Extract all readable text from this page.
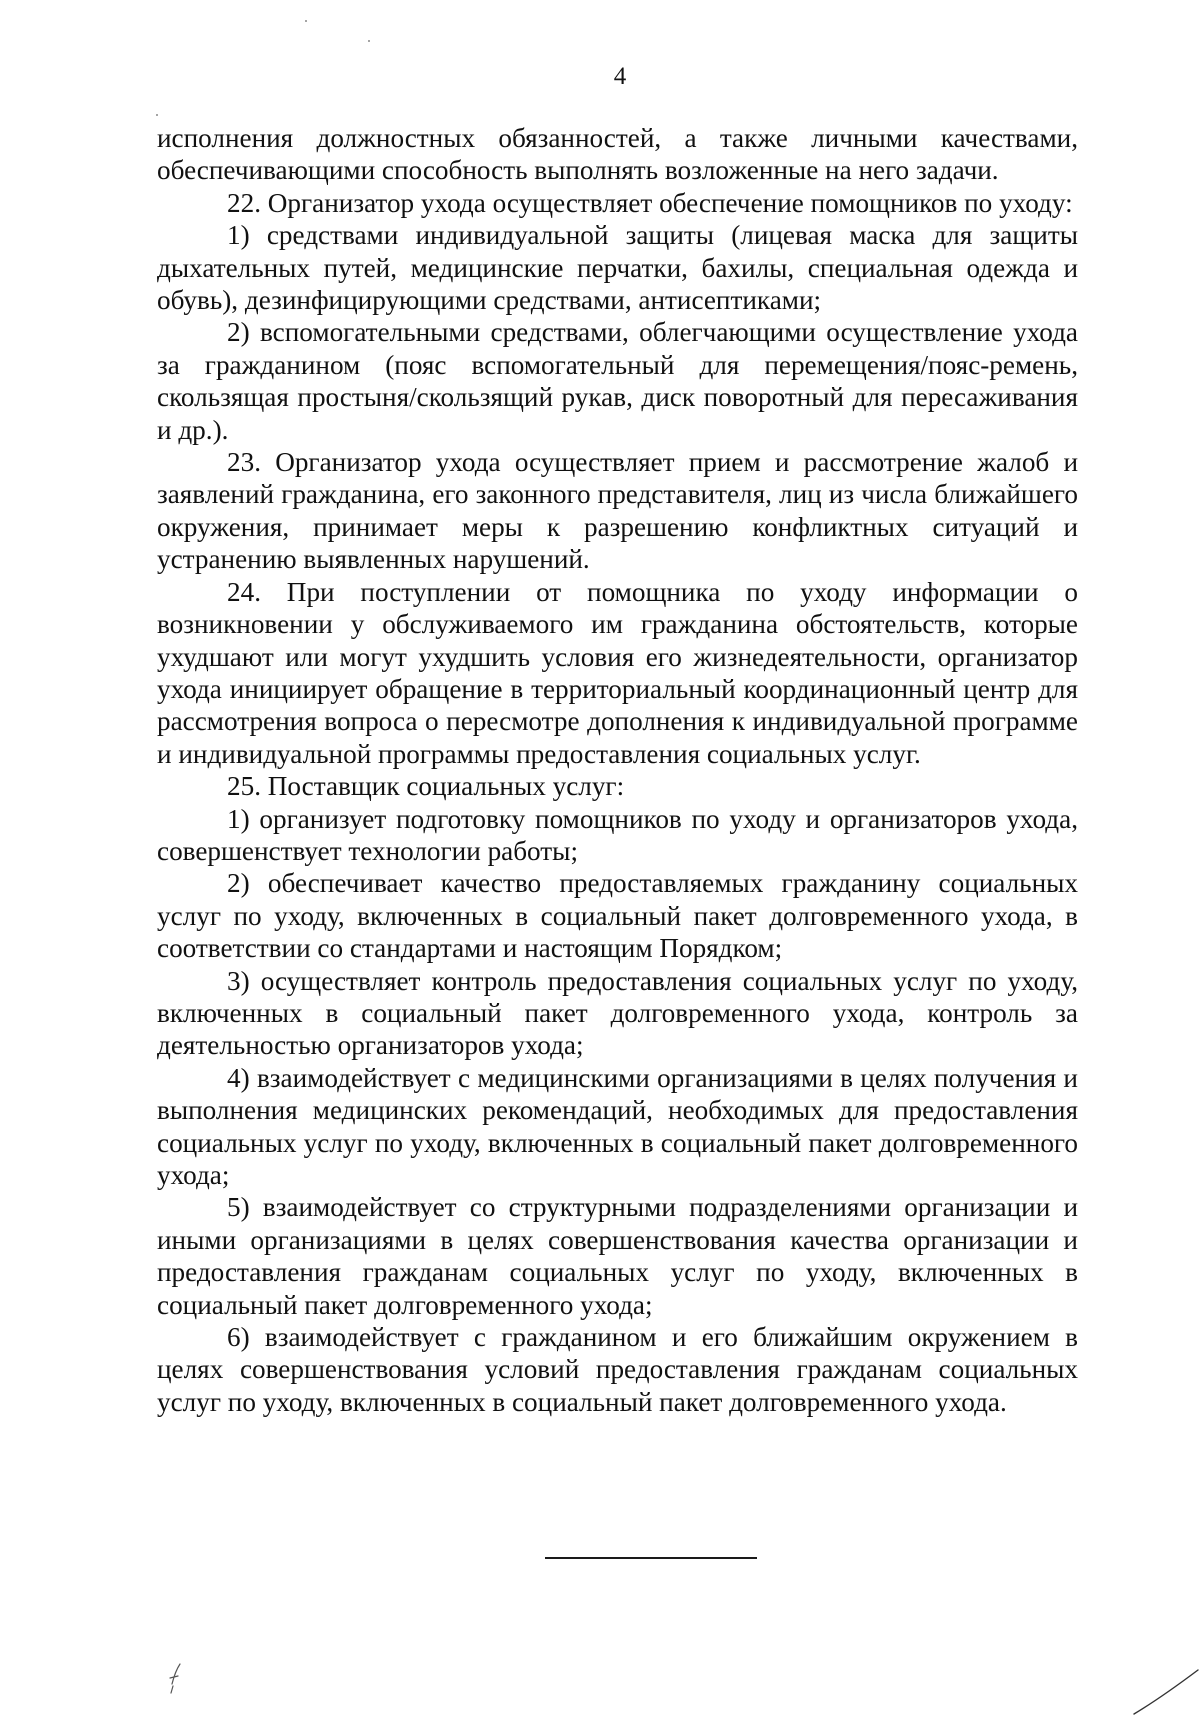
4

исполнения должностных обязанностей, а также личными качествами, обеспечивающими способность выполнять возложенные на него задачи.

22. Организатор ухода осуществляет обеспечение помощников по уходу:

1) средствами индивидуальной защиты (лицевая маска для защиты дыхательных путей, медицинские перчатки, бахилы, специальная одежда и обувь), дезинфицирующими средствами, антисептиками;

2) вспомогательными средствами, облегчающими осуществление ухода за гражданином (пояс вспомогательный для перемещения/пояс-ремень, скользящая простыня/скользящий рукав, диск поворотный для пересаживания и др.).

23. Организатор ухода осуществляет прием и рассмотрение жалоб и заявлений гражданина, его законного представителя, лиц из числа ближайшего окружения, принимает меры к разрешению конфликтных ситуаций и устранению выявленных нарушений.

24. При поступлении от помощника по уходу информации о возникновении у обслуживаемого им гражданина обстоятельств, которые ухудшают или могут ухудшить условия его жизнедеятельности, организатор ухода инициирует обращение в территориальный координационный центр для рассмотрения вопроса о пересмотре дополнения к индивидуальной программе и индивидуальной программы предоставления социальных услуг.

25. Поставщик социальных услуг:

1) организует подготовку помощников по уходу и организаторов ухода, совершенствует технологии работы;

2) обеспечивает качество предоставляемых гражданину социальных услуг по уходу, включенных в социальный пакет долговременного ухода, в соответствии со стандартами и настоящим Порядком;

3) осуществляет контроль предоставления социальных услуг по уходу, включенных в социальный пакет долговременного ухода, контроль за деятельностью организаторов ухода;

4) взаимодействует с медицинскими организациями в целях получения и выполнения медицинских рекомендаций, необходимых для предоставления социальных услуг по уходу, включенных в социальный пакет долговременного ухода;

5) взаимодействует со структурными подразделениями организации и иными организациями в целях совершенствования качества организации и предоставления гражданам социальных услуг по уходу, включенных в социальный пакет долговременного ухода;

6) взаимодействует с гражданином и его ближайшим окружением в целях совершенствования условий предоставления гражданам социальных услуг по уходу, включенных в социальный пакет долговременного ухода.
